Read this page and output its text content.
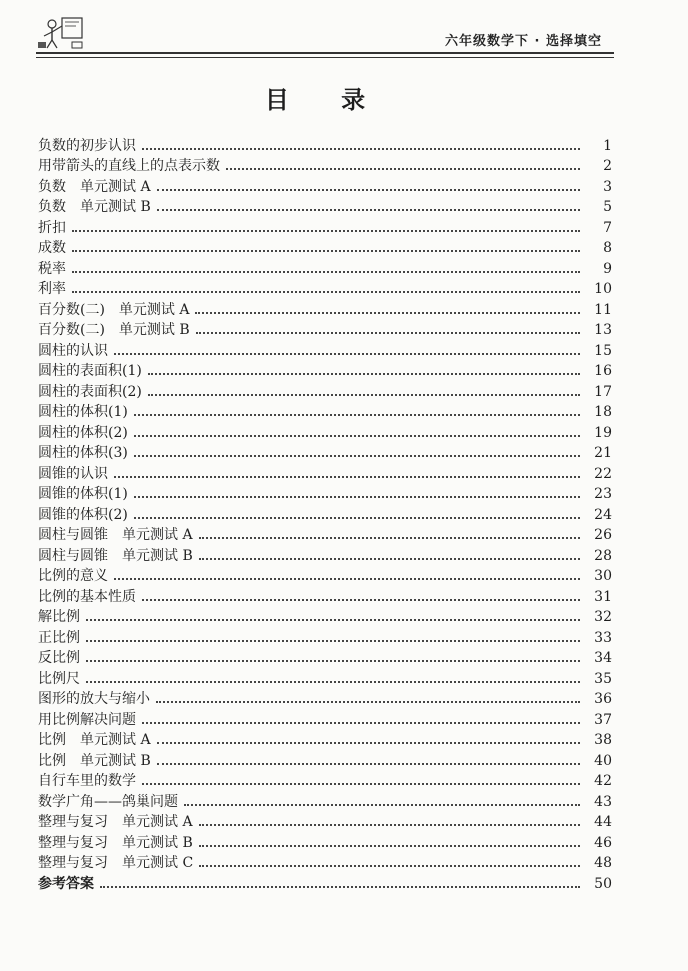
六年级数学下 · 选择填空
目 录
负数的初步认识	1
用带箭头的直线上的点表示数	2
负数　单元测试 A	3
负数　单元测试 B	5
折扣	7
成数	8
税率	9
利率	10
百分数(二)　单元测试 A	11
百分数(二)　单元测试 B	13
圆柱的认识	15
圆柱的表面积(1)	16
圆柱的表面积(2)	17
圆柱的体积(1)	18
圆柱的体积(2)	19
圆柱的体积(3)	21
圆锥的认识	22
圆锥的体积(1)	23
圆锥的体积(2)	24
圆柱与圆锥　单元测试 A	26
圆柱与圆锥　单元测试 B	28
比例的意义	30
比例的基本性质	31
解比例	32
正比例	33
反比例	34
比例尺	35
图形的放大与缩小	36
用比例解决问题	37
比例　单元测试 A	38
比例　单元测试 B	40
自行车里的数学	42
数学广角——鸽巢问题	43
整理与复习　单元测试 A	44
整理与复习　单元测试 B	46
整理与复习　单元测试 C	48
参考答案	50
